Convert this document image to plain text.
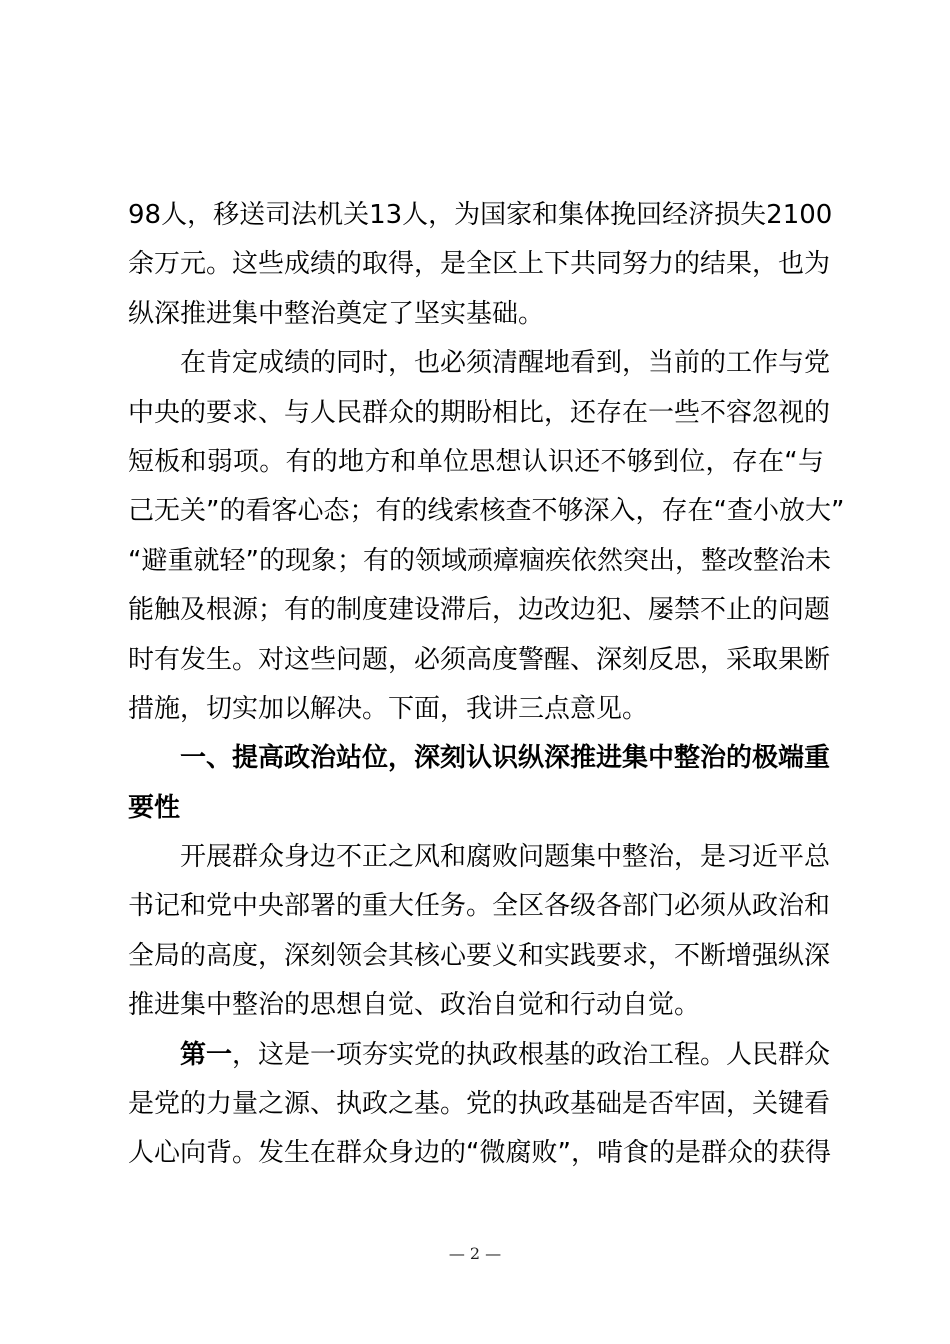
98人，移送司法机关13人，为国家和集体挽回经济损失2100
余万元。这些成绩的取得，是全区上下共同努力的结果，也为
纵深推进集中整治奠定了坚实基础。
在肯定成绩的同时，也必须清醒地看到，当前的工作与党
中央的要求、与人民群众的期盼相比，还存在一些不容忽视的
短板和弱项。有的地方和单位思想认识还不够到位，存在“与
己无关”的看客心态；有的线索核查不够深入，存在“查小放大”
“避重就轻”的现象；有的领域顽瘴痼疾依然突出，整改整治未
能触及根源；有的制度建设滞后，边改边犯、屡禁不止的问题
时有发生。对这些问题，必须高度警醒、深刻反思，采取果断
措施，切实加以解决。下面，我讲三点意见。
一、提高政治站位，深刻认识纵深推进集中整治的极端重
要性
开展群众身边不正之风和腐败问题集中整治，是习近平总
书记和党中央部署的重大任务。全区各级各部门必须从政治和
全局的高度，深刻领会其核心要义和实践要求，不断增强纵深
推进集中整治的思想自觉、政治自觉和行动自觉。
第一，这是一项夯实党的执政根基的政治工程。人民群众
是党的力量之源、执政之基。党的执政基础是否牢固，关键看
人心向背。发生在群众身边的“微腐败”，啃食的是群众的获得
— 2 —
